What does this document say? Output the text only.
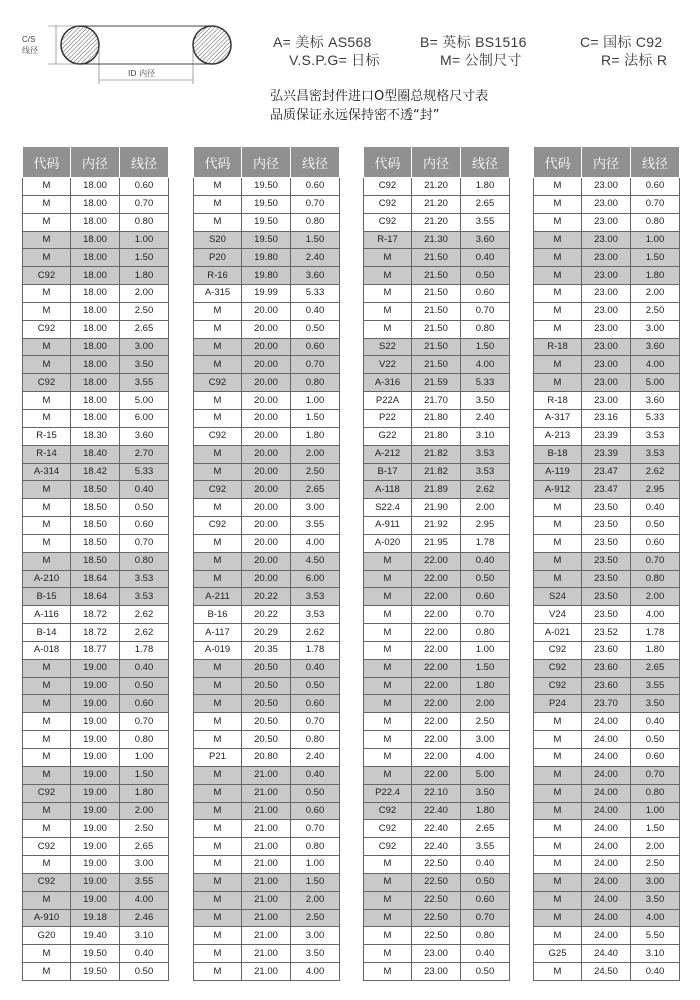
C/S
线径
ID 内径
A= 美标 AS568	B= 英标 BS1516	C= 国标 C92
V.S.P.G= 日标	M= 公制尺寸	R= 法标 R
弘兴昌密封件进口O型圈总规格尺寸表
品质保证永远保持密不透“封”
代码	内径	线径
M	18.00	0.60
M	18.00	0.70
M	18.00	0.80
M	18.00	1.00
M	18.00	1.50
C92	18.00	1.80
M	18.00	2.00
M	18.00	2.50
C92	18.00	2.65
M	18.00	3.00
M	18.00	3.50
C92	18.00	3.55
M	18.00	5.00
M	18.00	6.00
R-15	18.30	3.60
R-14	18.40	2.70
A-314	18.42	5.33
M	18.50	0.40
M	18.50	0.50
M	18.50	0.60
M	18.50	0.70
M	18.50	0.80
A-210	18.64	3.53
B-15	18.64	3.53
A-116	18.72	2.62
B-14	18.72	2.62
A-018	18.77	1.78
M	19.00	0.40
M	19.00	0.50
M	19.00	0.60
M	19.00	0.70
M	19.00	0.80
M	19.00	1.00
M	19.00	1.50
C92	19.00	1.80
M	19.00	2.00
M	19.00	2.50
C92	19.00	2.65
M	19.00	3.00
C92	19.00	3.55
M	19.00	4.00
A-910	19.18	2.46
G20	19.40	3.10
M	19.50	0.40
M	19.50	0.50
代码	内径	线径
M	19.50	0.60
M	19.50	0.70
M	19.50	0.80
S20	19.50	1.50
P20	19.80	2.40
R-16	19.80	3.60
A-315	19.99	5.33
M	20.00	0.40
M	20.00	0.50
M	20.00	0.60
M	20.00	0.70
C92	20.00	0.80
M	20.00	1.00
M	20.00	1.50
C92	20.00	1.80
M	20.00	2.00
M	20.00	2.50
C92	20.00	2.65
M	20.00	3.00
C92	20.00	3.55
M	20.00	4.00
M	20.00	4.50
M	20.00	6.00
A-211	20.22	3.53
B-16	20.22	3.53
A-117	20.29	2.62
A-019	20.35	1.78
M	20.50	0.40
M	20.50	0.50
M	20.50	0.60
M	20.50	0.70
M	20.50	0.80
P21	20.80	2.40
M	21.00	0.40
M	21.00	0.50
M	21.00	0.60
M	21.00	0.70
M	21.00	0.80
M	21.00	1.00
M	21.00	1.50
M	21.00	2.00
M	21.00	2.50
M	21.00	3.00
M	21.00	3.50
M	21.00	4.00
代码	内径	线径
C92	21.20	1.80
C92	21.20	2.65
C92	21.20	3.55
R-17	21.30	3.60
M	21.50	0.40
M	21.50	0.50
M	21.50	0.60
M	21.50	0.70
M	21.50	0.80
S22	21.50	1.50
V22	21.50	4.00
A-316	21.59	5.33
P22A	21.70	3.50
P22	21.80	2.40
G22	21.80	3.10
A-212	21.82	3.53
B-17	21.82	3.53
A-118	21.89	2.62
S22.4	21.90	2.00
A-911	21.92	2.95
A-020	21.95	1.78
M	22.00	0.40
M	22.00	0.50
M	22.00	0.60
M	22.00	0.70
M	22.00	0.80
M	22.00	1.00
M	22.00	1.50
M	22.00	1.80
M	22.00	2.00
M	22.00	2.50
M	22.00	3.00
M	22.00	4.00
M	22.00	5.00
P22.4	22.10	3.50
C92	22.40	1.80
C92	22.40	2.65
C92	22.40	3.55
M	22.50	0.40
M	22.50	0.50
M	22.50	0.60
M	22.50	0.70
M	22.50	0.80
M	23.00	0.40
M	23.00	0.50
代码	内径	线径
M	23.00	0.60
M	23.00	0.70
M	23.00	0.80
M	23.00	1.00
M	23.00	1.50
M	23.00	1.80
M	23.00	2.00
M	23.00	2.50
M	23.00	3.00
R-18	23.00	3.60
M	23.00	4.00
M	23.00	5.00
R-18	23.00	3.60
A-317	23.16	5.33
A-213	23.39	3.53
B-18	23.39	3.53
A-119	23.47	2.62
A-912	23.47	2.95
M	23.50	0.40
M	23.50	0.50
M	23.50	0.60
M	23.50	0.70
M	23.50	0.80
S24	23.50	2.00
V24	23.50	4.00
A-021	23.52	1.78
C92	23.60	1.80
C92	23.60	2.65
C92	23.60	3.55
P24	23.70	3.50
M	24.00	0.40
M	24.00	0.50
M	24.00	0.60
M	24.00	0.70
M	24.00	0.80
M	24.00	1.00
M	24.00	1.50
M	24.00	2.00
M	24.00	2.50
M	24.00	3.00
M	24.00	3.50
M	24.00	4.00
M	24.00	5.50
G25	24.40	3.10
M	24.50	0.40
